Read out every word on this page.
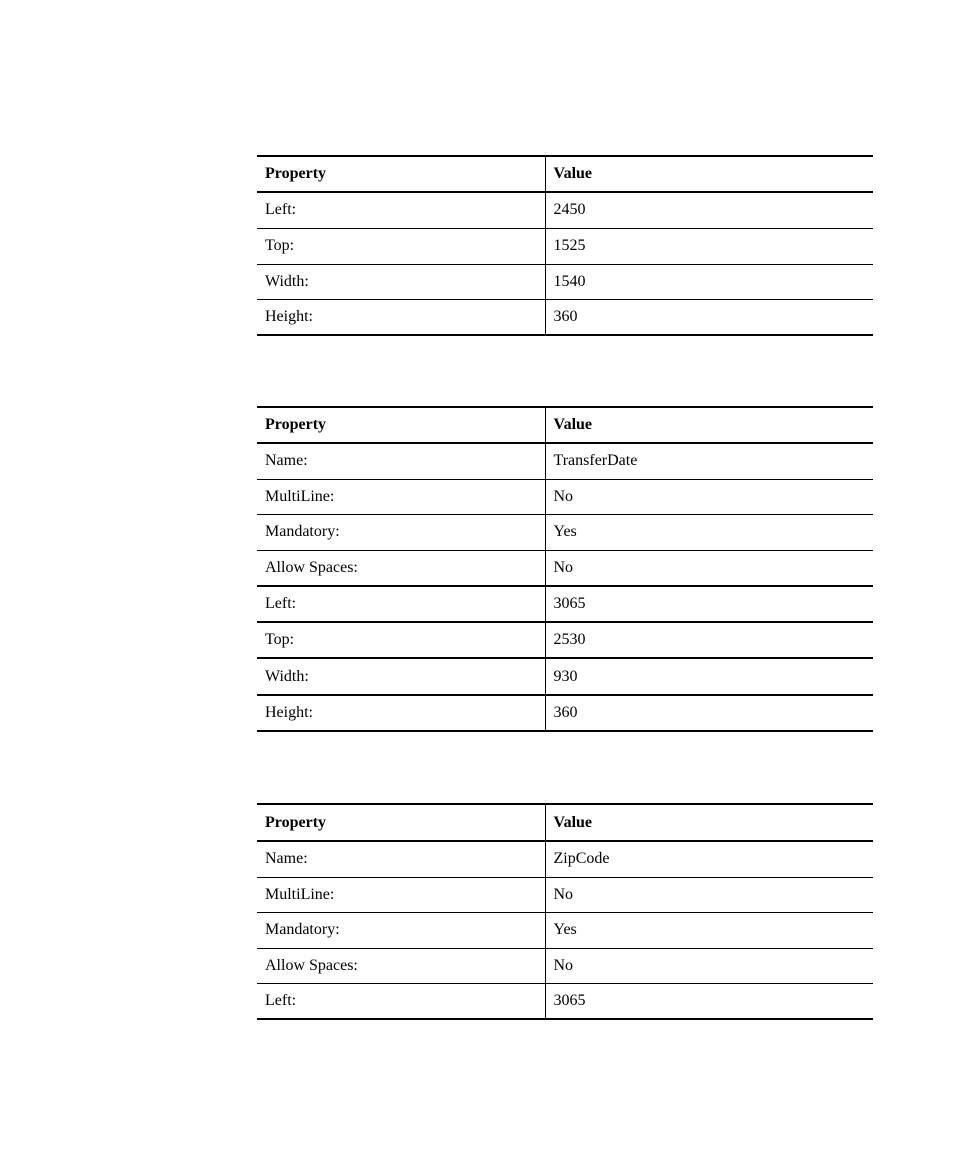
Property	Value
Left:	2450
Top:	1525
Width:	1540
Height:	360
Property	Value
Name:	TransferDate
MultiLine:	No
Mandatory:	Yes
Allow Spaces:	No
Left:	3065
Top:	2530
Width:	930
Height:	360
Property	Value
Name:	ZipCode
MultiLine:	No
Mandatory:	Yes
Allow Spaces:	No
Left:	3065
